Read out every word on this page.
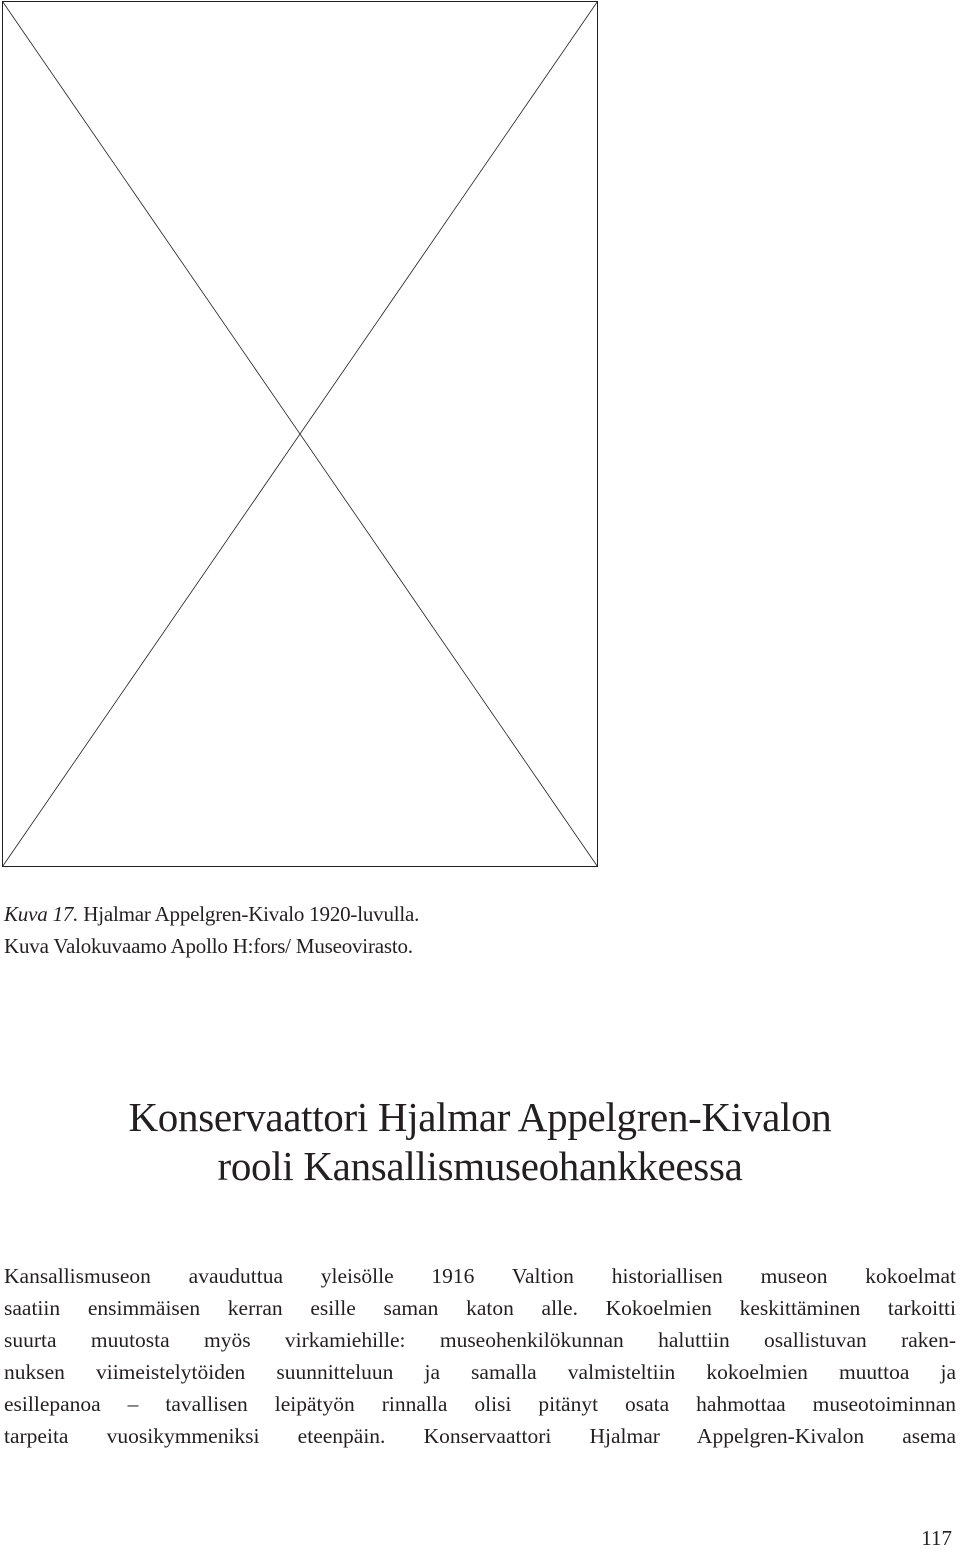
Kuva 17. Hjalmar Appelgren-Kivalo 1920-luvulla.
Kuva Valokuvaamo Apollo H:fors/ Museovirasto.
Konservaattori Hjalmar Appelgren-Kivalon
rooli Kansallismuseohankkeessa

Kansallismuseon avauduttua yleisölle 1916 Valtion historiallisen museon kokoelmat
saatiin ensimmäisen kerran esille saman katon alle. Kokoelmien keskittäminen tarkoitti
suurta muutosta myös virkamiehille: museohenkilökunnan haluttiin osallistuvan raken-
nuksen viimeistelytöiden suunnitteluun ja samalla valmisteltiin kokoelmien muuttoa ja
esillepanoa – tavallisen leipätyön rinnalla olisi pitänyt osata hahmottaa museotoiminnan
tarpeita vuosikymmeniksi eteenpäin. Konservaattori Hjalmar Appelgren-Kivalon asema

117
